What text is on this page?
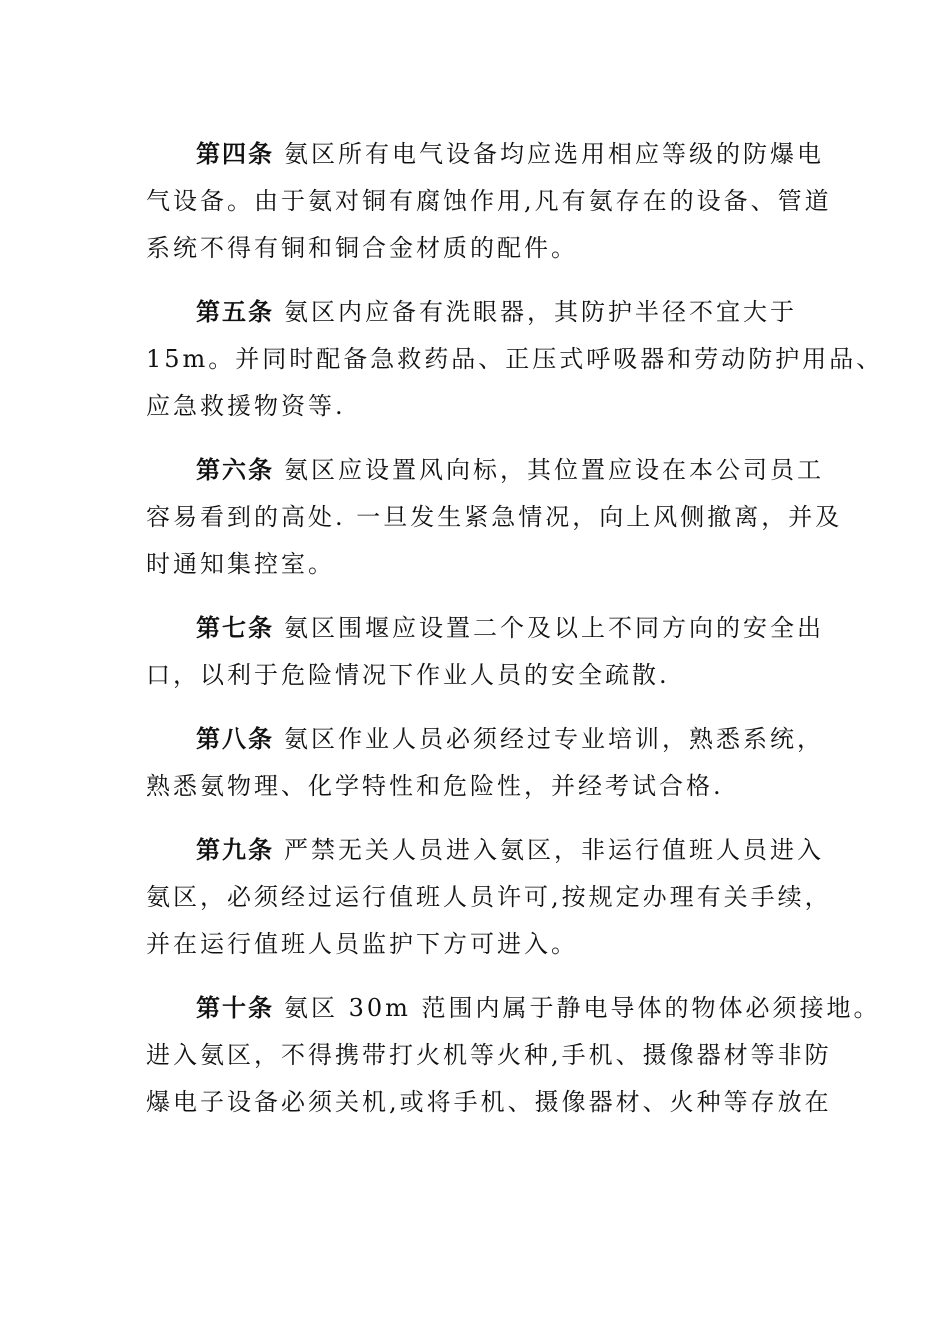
第四条 氨区所有电气设备均应选用相应等级的防爆电
气设备。由于氨对铜有腐蚀作用,凡有氨存在的设备、管道
系统不得有铜和铜合金材质的配件。
第五条 氨区内应备有洗眼器，其防护半径不宜大于
15m。并同时配备急救药品、正压式呼吸器和劳动防护用品、
应急救援物资等.
第六条 氨区应设置风向标，其位置应设在本公司员工
容易看到的高处. 一旦发生紧急情况，向上风侧撤离，并及
时通知集控室。
第七条 氨区围堰应设置二个及以上不同方向的安全出
口，以利于危险情况下作业人员的安全疏散.
第八条 氨区作业人员必须经过专业培训，熟悉系统，
熟悉氨物理、化学特性和危险性，并经考试合格.
第九条 严禁无关人员进入氨区，非运行值班人员进入
氨区，必须经过运行值班人员许可,按规定办理有关手续，
并在运行值班人员监护下方可进入。
第十条 氨区 30m 范围内属于静电导体的物体必须接地。
进入氨区，不得携带打火机等火种,手机、摄像器材等非防
爆电子设备必须关机,或将手机、摄像器材、火种等存放在
